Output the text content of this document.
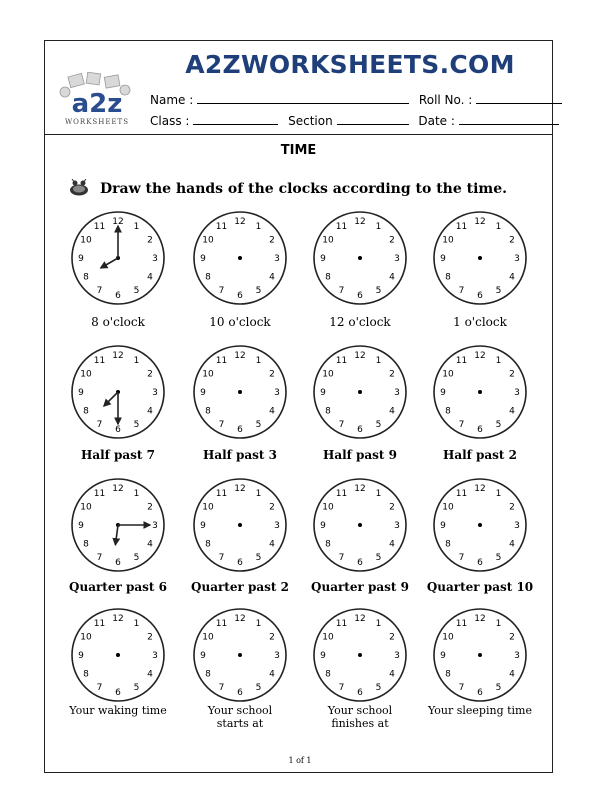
a2z
WORKSHEETS
A2ZWORKSHEETS.COM
Name :	Roll No. :
Class :	Section	Date :
TIME
Draw the hands of the clocks according to the time.
12 1
2
3
4
5
6
7
8
9
10
11
8 o'clock
12 1
2
3
4
5
6
7
8
9
10
11
10 o'clock
12 1
2
3
4
5
6
7
8
9
10
11
12 o'clock
12 1
2
3
4
5
6
7
8
9
10
11
1 o'clock
12 1
2
3
4
5
6
7
8
9
10
11
Half past 7
12 1
2
3
4
5
6
7
8
9
10
11
Half past 3
12 1
2
3
4
5
6
7
8
9
10
11
Half past 9
12 1
2
3
4
5
6
7
8
9
10
11
Half past 2
12 1
2
3
4
5
6
7
8
9
10
11
Quarter past 6
12 1
2
3
4
5
6
7
8
9
10
11
Quarter past 2
12 1
2
3
4
5
6
7
8
9
10
11
Quarter past 9
12 1
2
3
4
5
6
7
8
9
10
11
Quarter past 10
12 1
2
3
4
5
6
7
8
9
10
11
Your waking time
12 1
2
3
4
5
6
7
8
9
10
11
Your school starts at
12 1
2
3
4
5
6
7
8
9
10
11
Your school finishes at
12 1
2
3
4
5
6
7
8
9
10
11
Your sleeping time
1 of 1
